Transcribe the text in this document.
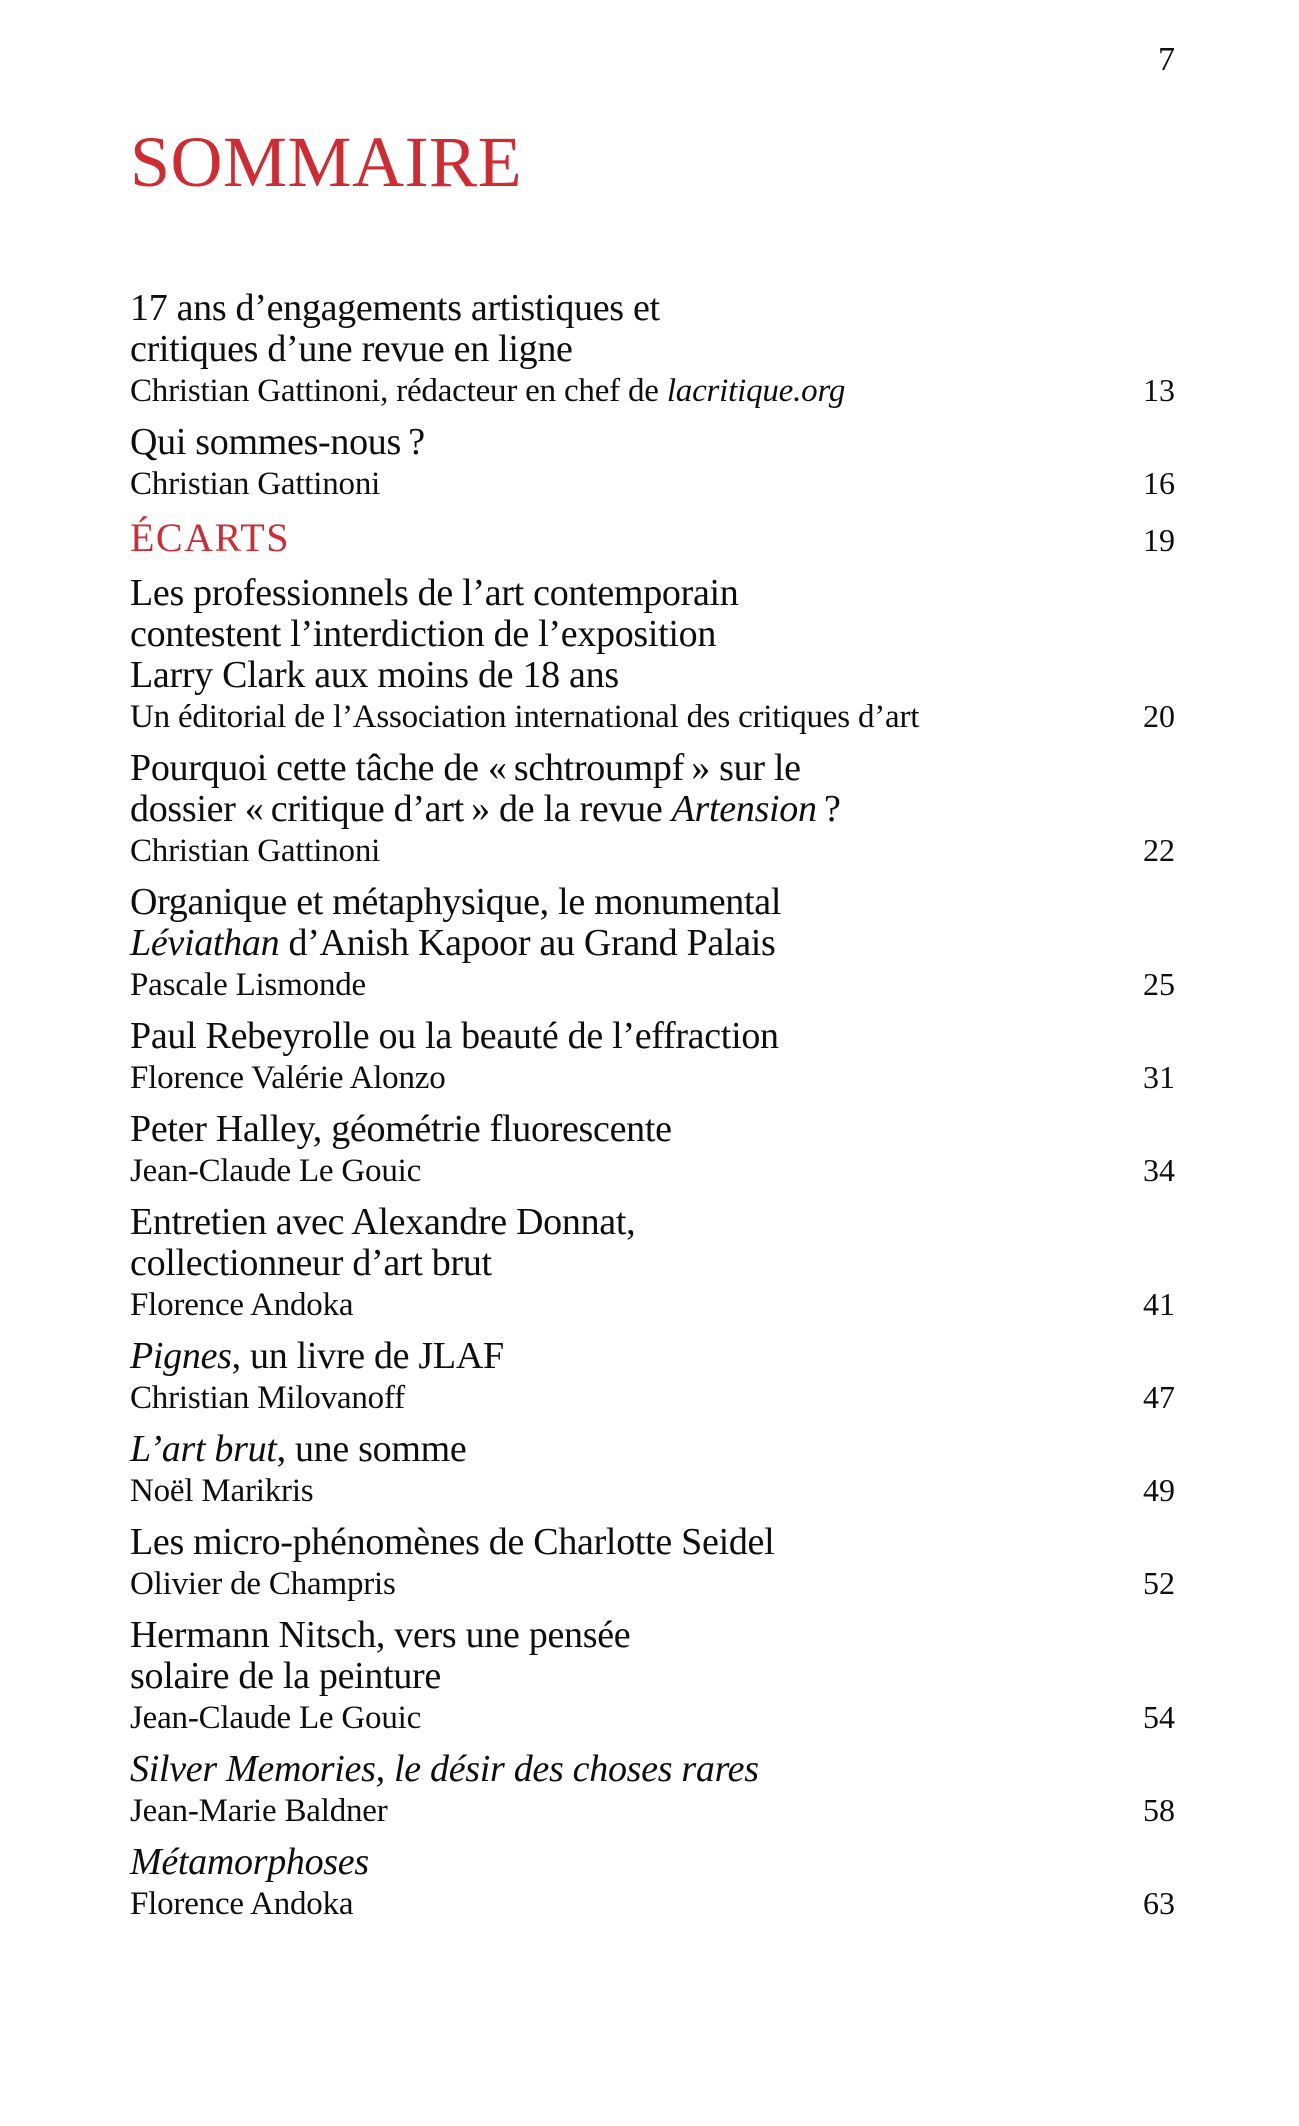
7
SOMMAIRE
17 ans d’engagements artistiques et
critiques d’une revue en ligne
Christian Gattinoni, rédacteur en chef de lacritique.org	13
Qui sommes-nous ?
Christian Gattinoni	16
ÉCARTS	19
Les professionnels de l’art contemporain
contestent l’interdiction de l’exposition
Larry Clark aux moins de 18 ans
Un éditorial de l’Association international des critiques d’art	20
Pourquoi cette tâche de « schtroumpf » sur le
dossier « critique d’art » de la revue Artension ?
Christian Gattinoni	22
Organique et métaphysique, le monumental
Léviathan d’Anish Kapoor au Grand Palais
Pascale Lismonde	25
Paul Rebeyrolle ou la beauté de l’effraction
Florence Valérie Alonzo	31
Peter Halley, géométrie fluorescente
Jean-Claude Le Gouic	34
Entretien avec Alexandre Donnat,
collectionneur d’art brut
Florence Andoka	41
Pignes, un livre de JLAF
Christian Milovanoff	47
L’art brut, une somme
Noël Marikris	49
Les micro-phénomènes de Charlotte Seidel
Olivier de Champris	52
Hermann Nitsch, vers une pensée
solaire de la peinture
Jean-Claude Le Gouic	54
Silver Memories, le désir des choses rares
Jean-Marie Baldner	58
Métamorphoses
Florence Andoka	63
